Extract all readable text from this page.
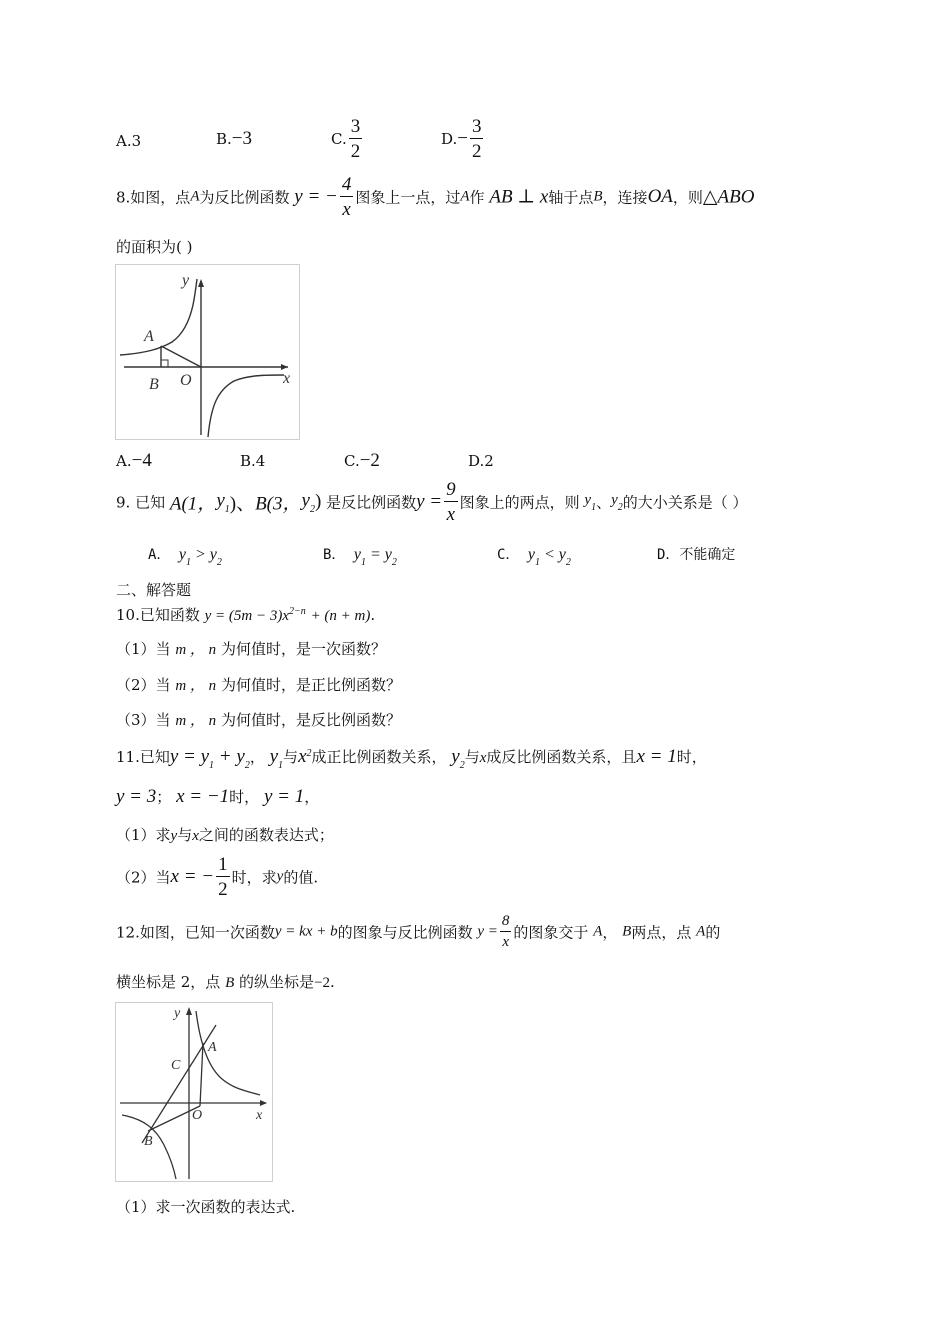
A.3	B.−3	C. $\frac{3}{2}$	$D.- \frac{3}{2}$
8.如图，点A为反比例函数 y = − $\frac{4}{x}$ 图象上一点，过A作 AB ⊥ x轴于点B，连接OA，则△ABO
的面积为( )
y
x
A
B O
A.−4	B.4	C.−2	D.2
9. 已知 A(1，$y_1$)、B(3，$y_2$) 是反比例函数$y = \frac{9}{x}$ 图象上的两点，则 $y_1$、$y_2$的大小关系是（ ）
A． $y_1 > y_2$	B． $y_1 = y_2$	C． $y_1 < y_2$	D．不能确定
二、解答题
10.已知函数 $y = (5m - 3)x^{2-n} + (n + m)$.
（1）当 m ， n 为何值时，是一次函数？
（2）当 m ， n 为何值时，是正比例函数？
（3）当 m ， n 为何值时，是反比例函数？
11.已知$y = y_1 + y_2$， $y_1$与$x^2$成正比例函数关系， $y_2$与x成反比例函数关系，且x = 1时，
y = 3； x = −1时， y = 1，
（1）求y与x之间的函数表达式；
（2）当x = − $\frac{1}{2}$ 时，求y的值.
12.如图，已知一次函数y = kx + b的图象与反比例函数 $y = \frac{8}{x}$ 的图象交于 A， B两点，点 A的
横坐标是 2，点 B 的纵坐标是−2.
y
x
A
B
C
O
（1）求一次函数的表达式.
